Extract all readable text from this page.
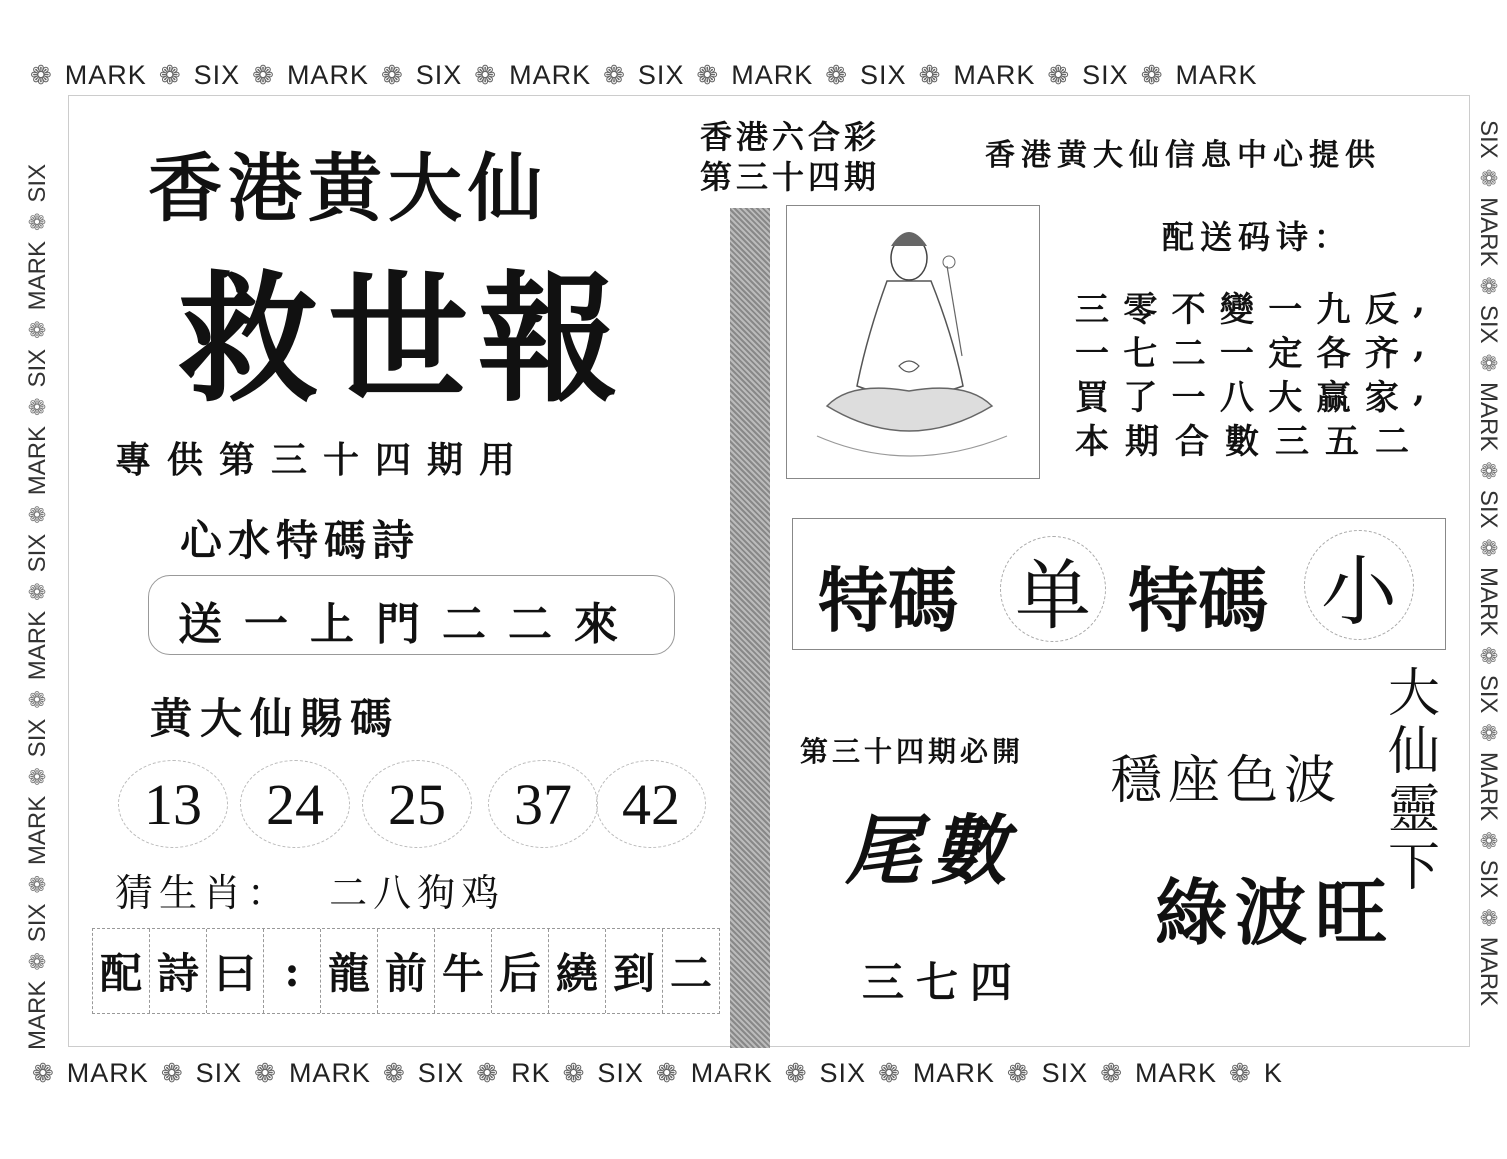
❁ MARK ❁ SIX ❁ MARK ❁ SIX ❁ MARK ❁ SIX ❁ MARK ❁ SIX ❁ MARK ❁ SIX ❁ MARK
❁ MARK ❁ SIX ❁ MARK ❁ SIX ❁ RK ❁ SIX ❁ MARK ❁ SIX ❁ MARK ❁ SIX ❁ MARK ❁ K
MARK
❁
SIX
❁
MARK
❁
SIX
❁
MARK
❁
SIX
❁
MARK
❁
SIX
❁
MARK
❁
SIX
SIX
❁
MARK
❁
SIX
❁
MARK
❁
SIX
❁
MARK
❁
SIX
❁
MARK
❁
SIX
❁
MARK
香港黄大仙
香港六合彩
第三十四期
香港黄大仙信息中心提供
救世報
專供第三十四期用
心水特碼詩
送一上門二二來
黄大仙賜碼
13 24 25 37 42
猜生肖： 二八狗鸡
配 詩 曰 : 龍 前 牛 后 繞 到 二
配送码诗：
三 零 不 變 一 九 反 ,
一 七 二 一 定 各 齐 ,
買 了 一 八 大 赢 家 ,
本 期 合 數 三 五 二
特碼 单 特碼 小
第三十四期必開
尾數
三七四
穩座色波
綠波旺
大仙靈下
